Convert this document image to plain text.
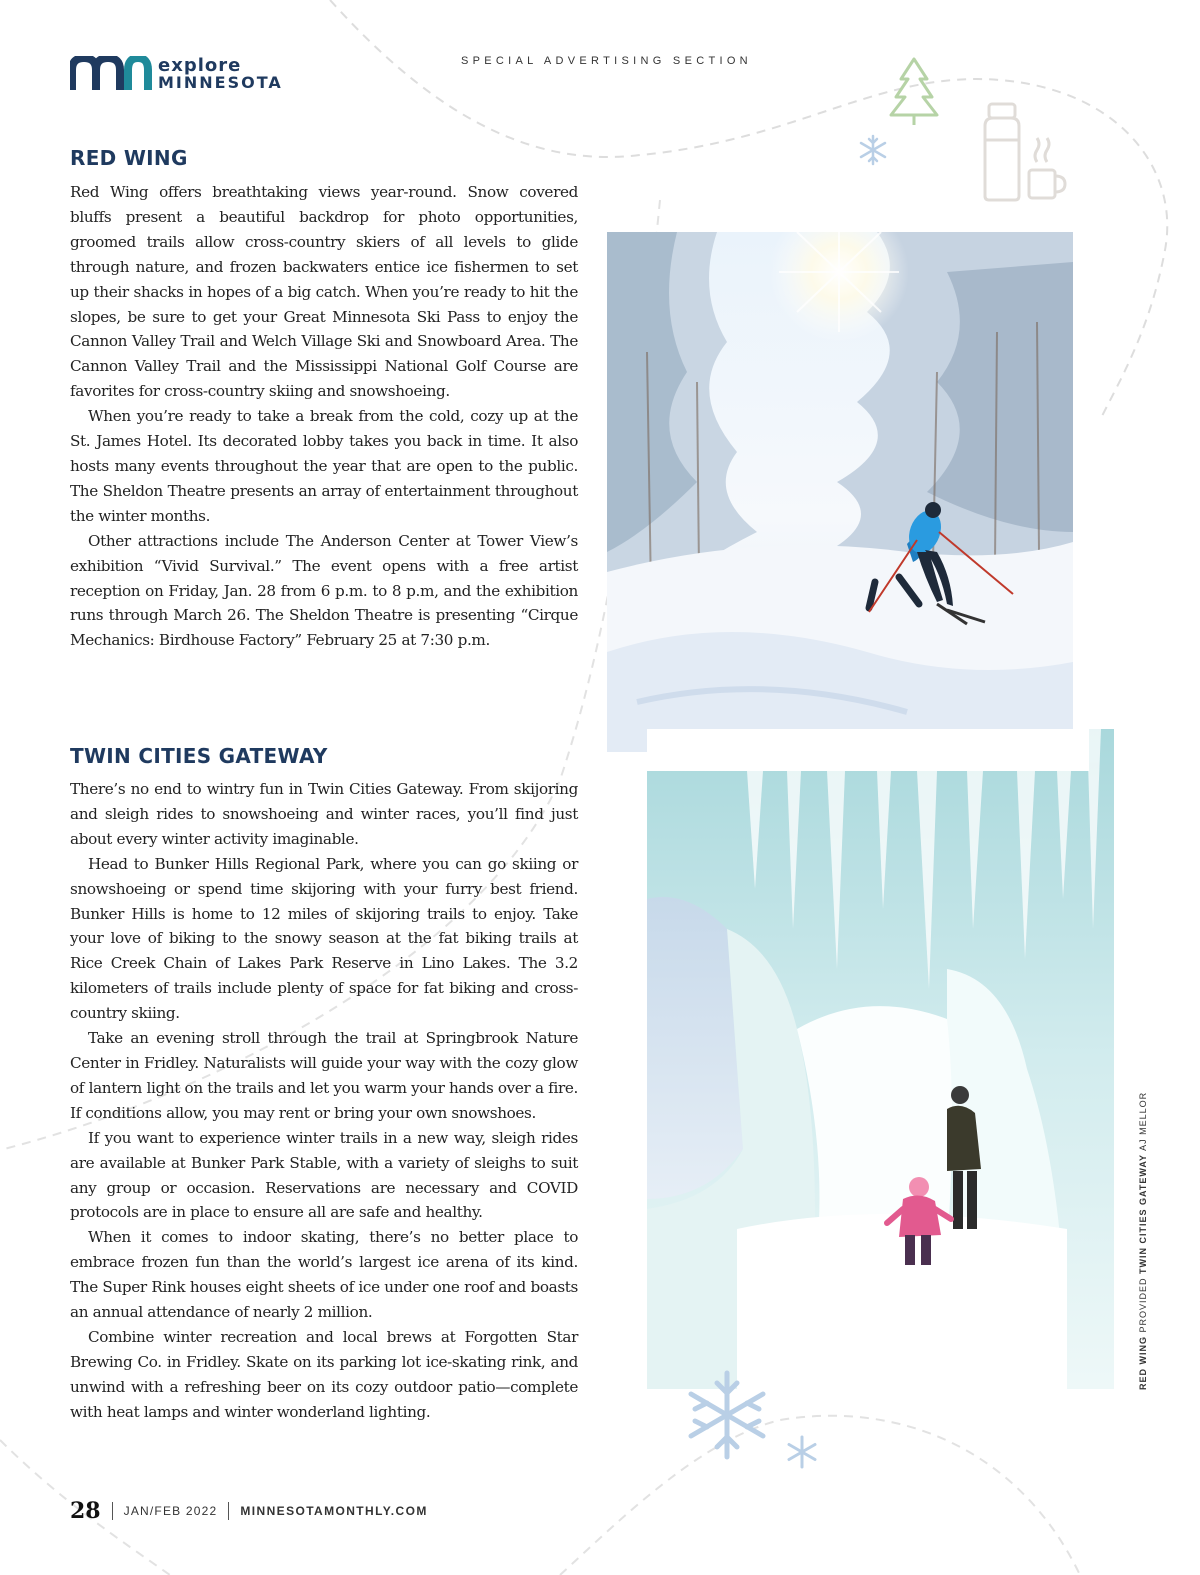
explore
MINNESOTA
SPECIAL ADVERTISING SECTION
RED WING

Red Wing offers breathtaking views year-round. Snow covered bluffs present a beautiful backdrop for photo opportunities, groomed trails allow cross-country skiers of all levels to glide through nature, and frozen backwaters entice ice fishermen to set up their shacks in hopes of a big catch. When you’re ready to hit the slopes, be sure to get your Great Minnesota Ski Pass to enjoy the Cannon Valley Trail and Welch Village Ski and Snowboard Area. The Cannon Valley Trail and the Mississippi National Golf Course are favorites for cross-country skiing and snowshoeing.

When you’re ready to take a break from the cold, cozy up at the St. James Hotel. Its decorated lobby takes you back in time. It also hosts many events throughout the year that are open to the public. The Sheldon Theatre presents an array of entertainment throughout the winter months.

Other attractions include The Anderson Center at Tower View’s exhibition “Vivid Survival.” The event opens with a free artist reception on Friday, Jan. 28 from 6 p.m. to 8 p.m, and the exhibition runs through March 26. The Sheldon Theatre is presenting “Cirque Mechanics: Birdhouse Factory” February 25 at 7:30 p.m.

TWIN CITIES GATEWAY

There’s no end to wintry fun in Twin Cities Gateway. From skijoring and sleigh rides to snowshoeing and winter races, you’ll find just about every winter activity imaginable.

Head to Bunker Hills Regional Park, where you can go skiing or snowshoeing or spend time skijoring with your furry best friend. Bunker Hills is home to 12 miles of skijoring trails to enjoy. Take your love of biking to the snowy season at the fat biking trails at Rice Creek Chain of Lakes Park Reserve in Lino Lakes. The 3.2 kilometers of trails include plenty of space for fat biking and cross-country skiing.

Take an evening stroll through the trail at Springbrook Nature Center in Fridley. Naturalists will guide your way with the cozy glow of lantern light on the trails and let you warm your hands over a fire. If conditions allow, you may rent or bring your own snowshoes.

If you want to experience winter trails in a new way, sleigh rides are available at Bunker Park Stable, with a variety of sleighs to suit any group or occasion. Reservations are necessary and COVID protocols are in place to ensure all are safe and healthy.

When it comes to indoor skating, there’s no better place to embrace frozen fun than the world’s largest ice arena of its kind. The Super Rink houses eight sheets of ice under one roof and boasts an annual attendance of nearly 2 million.

Combine winter recreation and local brews at Forgotten Star Brewing Co. in Fridley. Skate on its parking lot ice-skating rink, and unwind with a refreshing beer on its cozy outdoor patio—complete with heat lamps and winter wonderland lighting.

RED WING PROVIDED TWIN CITIES GATEWAY AJ MELLOR
28 JAN/FEB 2022 MINNESOTAMONTHLY.COM
